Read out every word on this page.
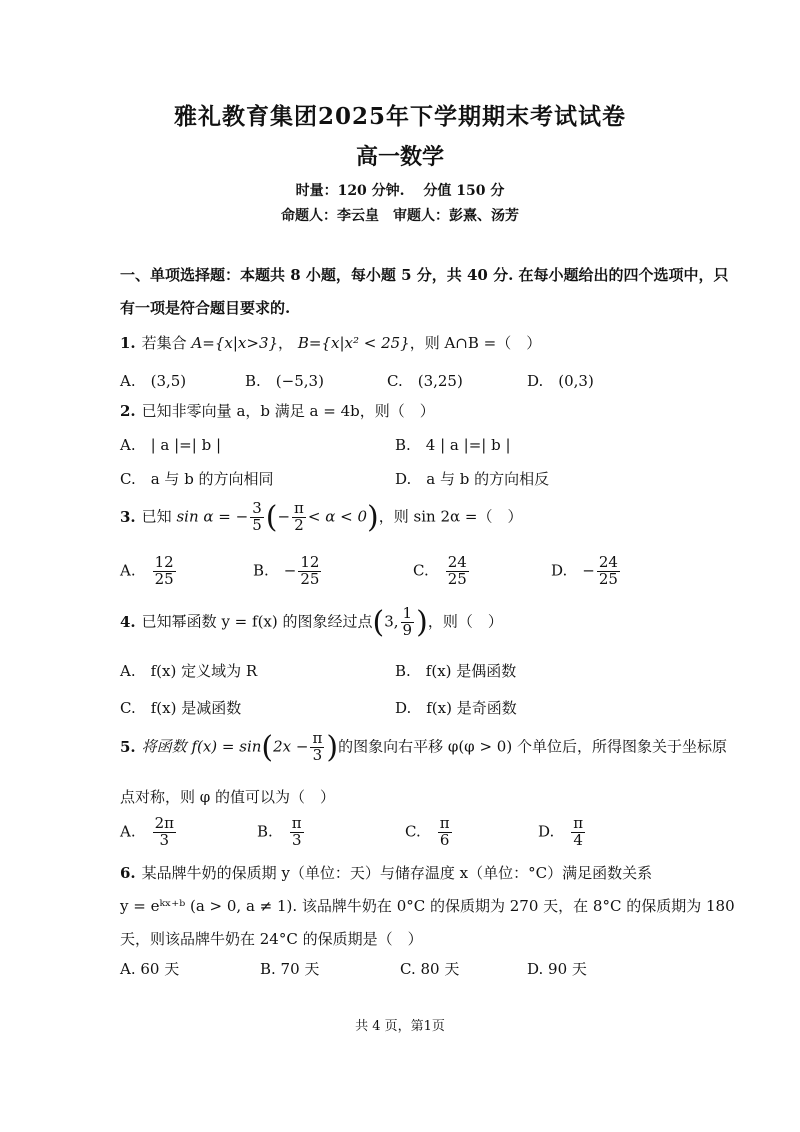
雅礼教育集团2025年下学期期末考试试卷
高一数学
时量：120 分钟.　 分值 150 分
命题人：李云皇　审题人：彭熹、汤芳
一、单项选择题：本题共 8 小题，每小题 5 分，共 40 分. 在每小题给出的四个选项中，只
有一项是符合题目要求的.
1. 若集合 A={x|x>3}， B={x|x² < 25}，则 A∩B =（　）
A.　(3,5)	B.　(−5,3)	C.　(3,25)	D.　(0,3)
2. 已知非零向量 a，b 满足 a = 4b，则（　）
A.　| a |=| b |	B.　4 | a |=| b |
C.　a 与 b 的方向相同	D.　a 与 b 的方向相反
3. 已知 sin α = − $\frac{3}{5}$ (− $\frac{\pi}{2} < \alpha < 0$)，则 sin 2α =（　）
A.　 $\frac{12}{25}$	B.　− $\frac{12}{25}$	C.　 $\frac{24}{25}$	D.　− $\frac{24}{25}$
4. 已知幂函数 y = f(x) 的图象经过点(3, $\frac{1}{9}$ )，则（　）
A.　f(x) 定义域为 R	B.　f(x) 是偶函数
C.　f(x) 是减函数	D.　f(x) 是奇函数
5. 将函数 $f(x) = \sin(2x - \frac{\pi}{3}$ )的图象向右平移 φ(φ > 0) 个单位后，所得图象关于坐标原
点对称，则 φ 的值可以为（　）
A.　 $\frac{2\pi}{3}$	B.　 $\frac{\pi}{3}$	C.　 $\frac{\pi}{6}$	D.　 $\frac{\pi}{4}$
6. 某品牌牛奶的保质期 y（单位：天）与储存温度 x（单位：°C）满足函数关系
y = eᵏˣ⁺ᵇ (a > 0, a ≠ 1). 该品牌牛奶在 0°C 的保质期为 270 天，在 8°C 的保质期为 180
天，则该品牌牛奶在 24°C 的保质期是（　）
A. 60 天	B. 70 天	C. 80 天	D. 90 天
共 4 页，第1页
